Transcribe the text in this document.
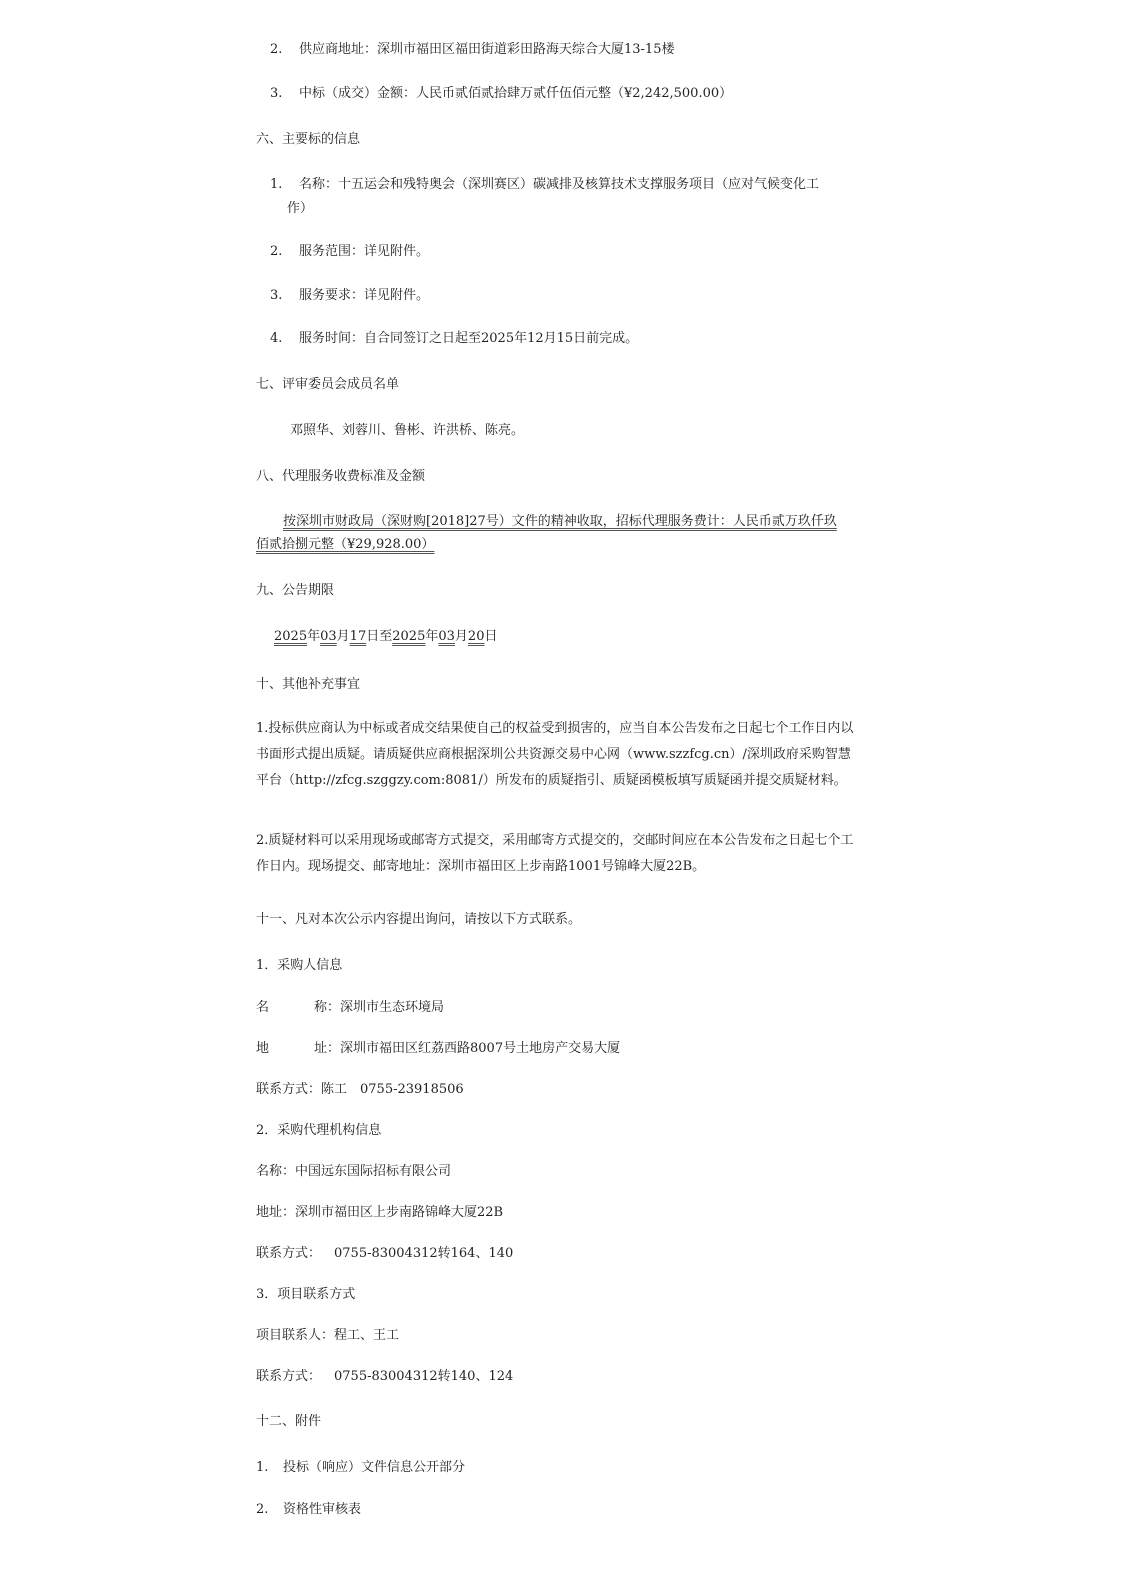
2. 供应商地址：深圳市福田区福田街道彩田路海天综合大厦13-15楼
3. 中标（成交）金额：人民币贰佰贰拾肆万贰仟伍佰元整（¥2,242,500.00）
六、主要标的信息
1. 名称：十五运会和残特奥会（深圳赛区）碳减排及核算技术支撑服务项目（应对气候变化工
作）
2. 服务范围：详见附件。
3. 服务要求：详见附件。
4. 服务时间：自合同签订之日起至2025年12月15日前完成。
七、评审委员会成员名单
邓照华、刘蓉川、鲁彬、许洪桥、陈亮。
八、代理服务收费标准及金额
按深圳市财政局（深财购[2018]27号）文件的精神收取，招标代理服务费计：人民币贰万玖仟玖
佰贰拾捌元整（¥29,928.00）
九、公告期限
2025年03月17日至2025年03月20日
十、其他补充事宜
1.投标供应商认为中标或者成交结果使自己的权益受到损害的，应当自本公告发布之日起七个工作日内以书面形式提出质疑。请质疑供应商根据深圳公共资源交易中心网（www.szzfcg.cn）/深圳政府采购智慧平台（http://zfcg.szggzy.com:8081/）所发布的质疑指引、质疑函模板填写质疑函并提交质疑材料。
2.质疑材料可以采用现场或邮寄方式提交，采用邮寄方式提交的，交邮时间应在本公告发布之日起七个工作日内。现场提交、邮寄地址：深圳市福田区上步南路1001号锦峰大厦22B。
十一、凡对本次公示内容提出询问，请按以下方式联系。
1．采购人信息
名	称：深圳市生态环境局
地	址：深圳市福田区红荔西路8007号土地房产交易大厦
联系方式：陈工　0755-23918506
2．采购代理机构信息
名称：中国远东国际招标有限公司
地址：深圳市福田区上步南路锦峰大厦22B
联系方式： 0755-83004312转164、140
3．项目联系方式
项目联系人：程工、王工
联系方式： 0755-83004312转140、124
十二、附件
1. 投标（响应）文件信息公开部分
2. 资格性审核表
